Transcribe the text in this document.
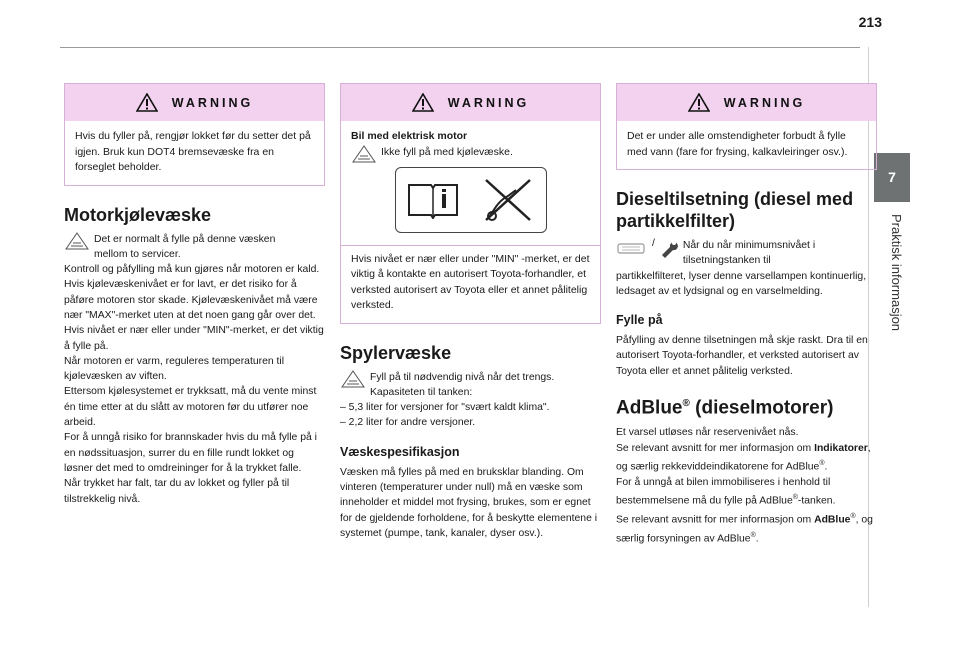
213
7
Praktisk informasjon
WARNING
Hvis du fyller på, rengjør lokket før du setter det på igjen. Bruk kun DOT4 bremsevæske fra en forseglet beholder.
Motorkjølevæske

Det er normalt å fylle på denne væsken
mellom to servicer.

Kontroll og påfylling må kun gjøres når motoren er kald.

Hvis kjølevæskenivået er for lavt, er det risiko for å påføre motoren stor skade. Kjølevæskenivået må være nær "MAX"-merket uten at det noen gang går over det.

Hvis nivået er nær eller under "MIN"-merket, er det viktig å fylle på.

Når motoren er varm, reguleres temperaturen til kjølevæsken av viften.

Ettersom kjølesystemet er trykksatt, må du vente minst én time etter at du slått av motoren før du utfører noe arbeid.

For å unngå risiko for brannskader hvis du må fylle på i en nødssituasjon, surrer du en fille rundt lokket og løsner det med to omdreininger for å la trykket falle.

Når trykket har falt, tar du av lokket og fyller på til tilstrekkelig nivå.

WARNING
Bil med elektrisk motor
Ikke fyll på med kjølevæske.
Hvis nivået er nær eller under "MIN" -merket, er det viktig å kontakte en autorisert Toyota-forhandler, et verksted autorisert av Toyota eller et annet pålitelig verksted.
Spylervæske

Fyll på til nødvendig nivå når det trengs.
Kapasiteten til tanken:

– 5,3 liter for versjoner for "svært kaldt klima".

– 2,2 liter for andre versjoner.

Væskespesifikasjon

Væsken må fylles på med en bruksklar blanding. Om vinteren (temperaturer under null) må en væske som inneholder et middel mot frysing, brukes, som er egnet for de gjeldende forholdene, for å beskytte elementene i systemet (pumpe, tank, kanaler, dyser osv.).

WARNING
Det er under alle omstendigheter forbudt å fylle med vann (fare for frysing, kalkavleiringer osv.).
Dieseltilsetning (diesel med partikkelfilter)
/	Når du når minimumsnivået i
tilsetningstanken til

partikkelfilteret, lyser denne varsellampen kontinuerlig, ledsaget av et lydsignal og en varselmelding.

Fylle på

Påfylling av denne tilsetningen må skje raskt. Dra til en autorisert Toyota-forhandler, et verksted autorisert av Toyota eller et annet pålitelig verksted.

AdBlue® (dieselmotorer)

Et varsel utløses når reservenivået nås.

Se relevant avsnitt for mer informasjon om Indikatorer, og særlig rekkeviddeindikatorene for AdBlue®.

For å unngå at bilen immobiliseres i henhold til bestemmelsene må du fylle på AdBlue®-tanken.

Se relevant avsnitt for mer informasjon om AdBlue®, og særlig forsyningen av AdBlue®.
